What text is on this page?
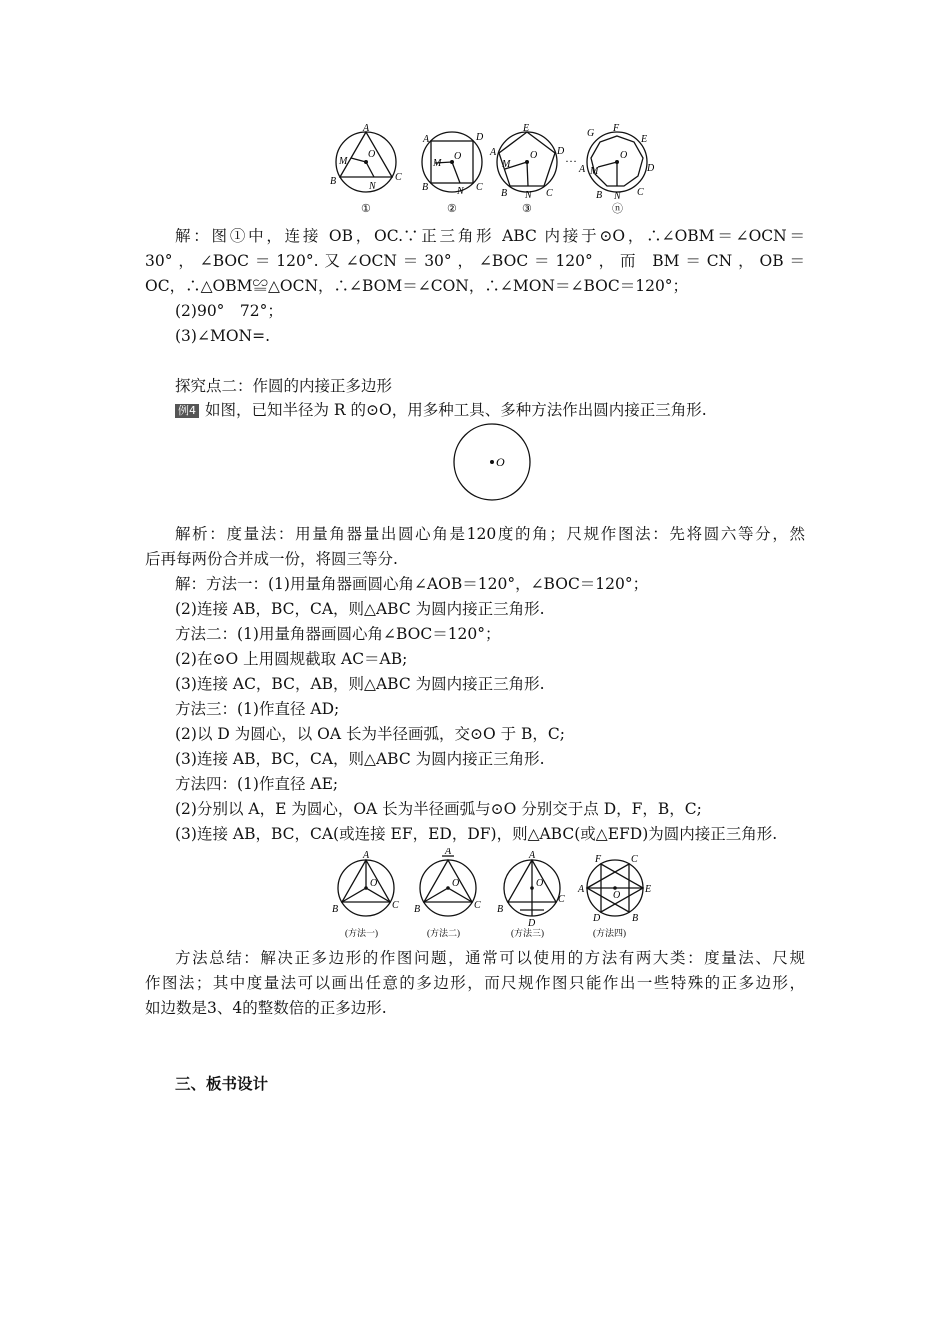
A
M
O
B	N
C
①
A	D
M
O
B	N C
②
E
A	D
M
O
B N C
③
…
G F
E
A	D
M
O
B N C
ⓝ
解：图①中，连接 OB，OC.∵正三角形 ABC 内接于⊙O，∴∠OBM＝∠OCN＝
30°，∠BOC＝120°.又∠OCN＝30°，∠BOC＝120°，而 BM＝CN，OB＝
OC，∴△OBM≌△OCN，∴∠BOM＝∠CON，∴∠MON＝∠BOC＝120°；
(2)90°　72°；
(3)∠MON=.
探究点二：作圆的内接正多边形
例4 如图，已知半径为 R 的⊙O，用多种工具、多种方法作出圆内接正三角形.
O
解析：度量法：用量角器量出圆心角是120度的角；尺规作图法：先将圆六等分，然
后再每两份合并成一份，将圆三等分.
解：方法一：(1)用量角器画圆心角∠AOB＝120°，∠BOC＝120°；
(2)连接 AB，BC，CA，则△ABC 为圆内接正三角形.
方法二：(1)用量角器画圆心角∠BOC＝120°；
(2)在⊙O 上用圆规截取 AC＝AB;
(3)连接 AC，BC，AB，则△ABC 为圆内接正三角形.
方法三：(1)作直径 AD;
(2)以 D 为圆心，以 OA 长为半径画弧，交⊙O 于 B，C;
(3)连接 AB，BC，CA，则△ABC 为圆内接正三角形.
方法四：(1)作直径 AE;
(2)分别以 A，E 为圆心，OA 长为半径画弧与⊙O 分别交于点 D，F，B，C;
(3)连接 AB，BC，CA(或连接 EF，ED，DF)，则△ABC(或△EFD)为圆内接正三角形.
A
O
B	C
(方法一)
A
O
B	C
(方法二)
A
O
B
C
D
(方法三)
F	C
A
O
E
D	B
(方法四)
方法总结：解决正多边形的作图问题，通常可以使用的方法有两大类：度量法、尺规
作图法；其中度量法可以画出任意的多边形，而尺规作图只能作出一些特殊的正多边形，
如边数是3、4的整数倍的正多边形.
三、板书设计
